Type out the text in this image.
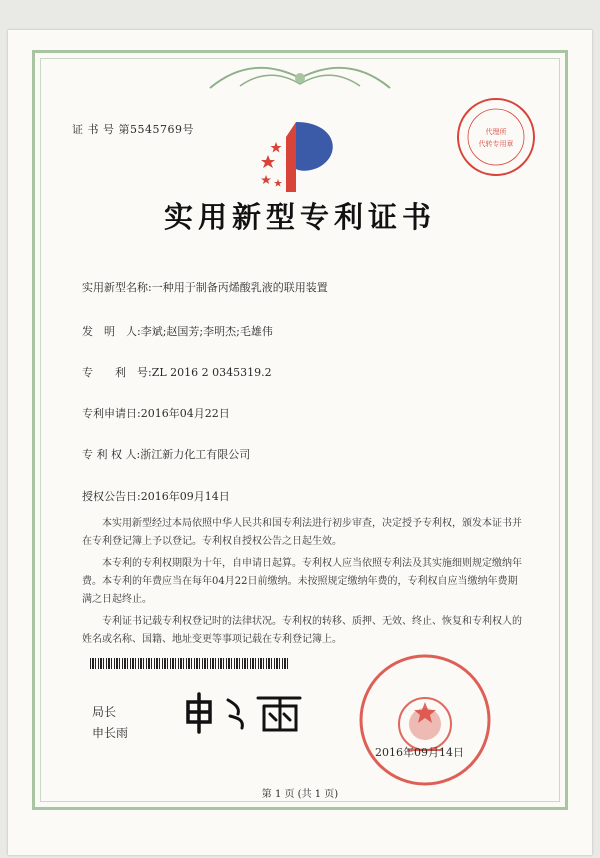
证 书 号 第5545769号	代理所
代转专用章
实用新型专利证书
实用新型名称:一种用于制备丙烯酸乳液的联用装置
发　明　人:李斌;赵国芳;李明杰;毛雄伟
专　　利　号:ZL 2016 2 0345319.2
专利申请日:2016年04月22日
专 利 权 人:浙江新力化工有限公司
授权公告日:2016年09月14日

本实用新型经过本局依照中华人民共和国专利法进行初步审查，决定授予专利权，颁发本证书并在专利登记簿上予以登记。专利权自授权公告之日起生效。

本专利的专利权期限为十年，自申请日起算。专利权人应当依照专利法及其实施细则规定缴纳年费。本专利的年费应当在每年04月22日前缴纳。未按照规定缴纳年费的，专利权自应当缴纳年费期满之日起终止。

专利证书记载专利权登记时的法律状况。专利权的转移、质押、无效、终止、恢复和专利权人的姓名或名称、国籍、地址变更等事项记载在专利登记簿上。

局长
申长雨
2016年09月14日
第 1 页 (共 1 页)
